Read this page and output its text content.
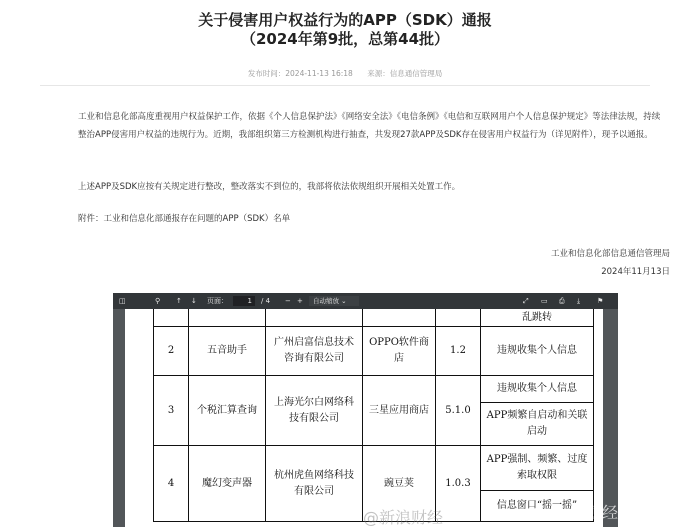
关于侵害用户权益行为的APP（SDK）通报
（2024年第9批，总第44批）
发布时间：2024-11-13 16:18 来源：信息通信管理局
工业和信息化部高度重视用户权益保护工作，依据《个人信息保护法》《网络安全法》《电信条例》《电信和互联网用户个人信息保护规定》等法律法规，持续整治APP侵害用户权益的违规行为。近期，我部组织第三方检测机构进行抽查，共发现27款APP及SDK存在侵害用户权益行为（详见附件），现予以通报。
上述APP及SDK应按有关规定进行整改，整改落实不到位的，我部将依法依规组织开展相关处置工作。
附件：工业和信息化部通报存在问题的APP（SDK）名单
工业和信息化部信息通信管理局
2024年11月13日
◫	⚲ ↑ ↓ 页面：	1	/ 4 − +	自动缩放 ⌄	⤢ ▭ ⎙ ⤓ ⚑
					乱跳转
2	五音助手	广州启富信息技术咨询有限公司	OPPO软件商店	1.2	违规收集个人信息
3	个税汇算查询	上海光尔白网络科技有限公司	三星应用商店	5.1.0	违规收集个人信息
					APP频繁自启动和关联启动
4	魔幻变声器	杭州虎鱼网络科技有限公司	豌豆荚	1.0.3	APP强制、频繁、过度索取权限
					信息窗口“摇一摇”
@新浪财经	@财经网科技
